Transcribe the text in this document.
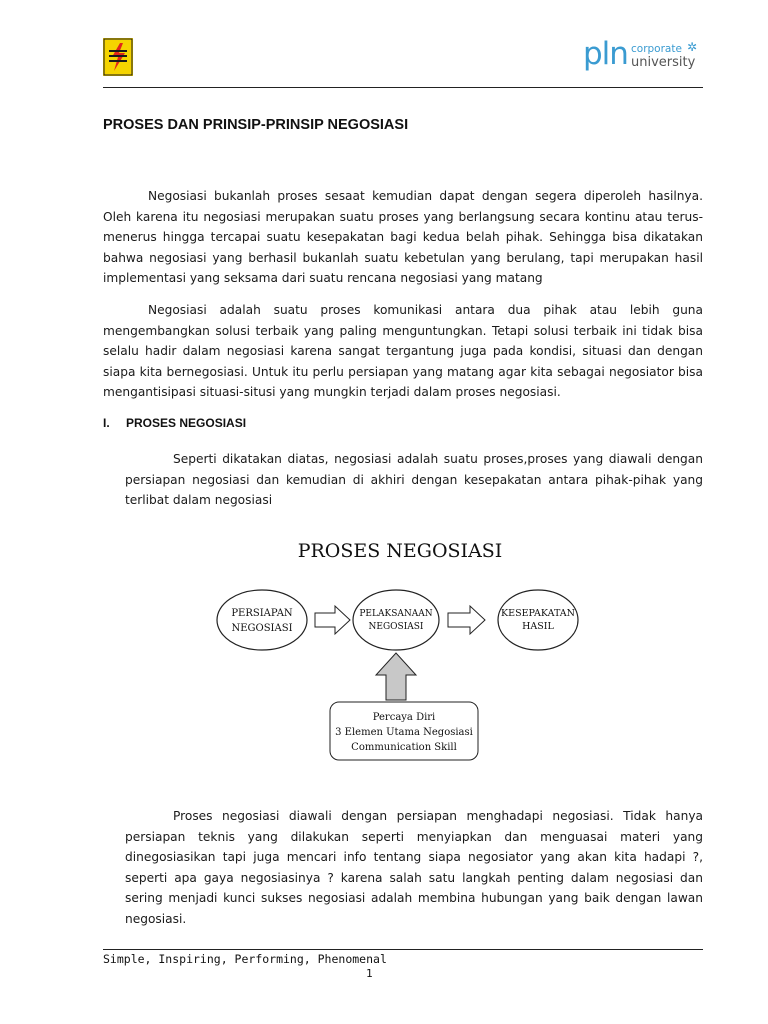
pln corporate
university
✲
PROSES DAN PRINSIP-PRINSIP NEGOSIASI

Negosiasi bukanlah proses sesaat kemudian dapat dengan segera diperoleh hasilnya. Oleh karena itu negosiasi merupakan suatu proses yang berlangsung secara kontinu atau terus-menerus hingga tercapai suatu kesepakatan bagi kedua belah pihak. Sehingga bisa dikatakan bahwa negosiasi yang berhasil bukanlah suatu kebetulan yang berulang, tapi merupakan hasil implementasi yang seksama dari suatu rencana negosiasi yang matang

Negosiasi adalah suatu proses komunikasi antara dua pihak atau lebih guna mengembangkan solusi terbaik yang paling menguntungkan. Tetapi solusi terbaik ini tidak bisa selalu hadir dalam negosiasi karena sangat tergantung juga pada kondisi, situasi dan dengan siapa kita bernegosiasi. Untuk itu perlu persiapan yang matang agar kita sebagai negosiator bisa mengantisipasi situasi-situsi yang mungkin terjadi dalam proses negosiasi.

I. PROSES NEGOSIASI

Seperti dikatakan diatas, negosiasi adalah suatu proses,proses yang diawali dengan persiapan negosiasi dan kemudian di akhiri dengan kesepakatan antara pihak-pihak yang terlibat dalam negosiasi

PROSES NEGOSIASI
PERSIAPAN
NEGOSIASI
PELAKSANAAN
NEGOSIASI
KESEPAKATAN
HASIL
Percaya Diri
3 Elemen Utama Negosiasi
Communication Skill

Proses negosiasi diawali dengan persiapan menghadapi negosiasi. Tidak hanya persiapan teknis yang dilakukan seperti menyiapkan dan menguasai materi yang dinegosiasikan tapi juga mencari info tentang siapa negosiator yang akan kita hadapi ?, seperti apa gaya negosiasinya ? karena salah satu langkah penting dalam negosiasi dan sering menjadi kunci sukses negosiasi adalah membina hubungan yang baik dengan lawan negosiasi.

Simple, Inspiring, Performing, Phenomenal
1
